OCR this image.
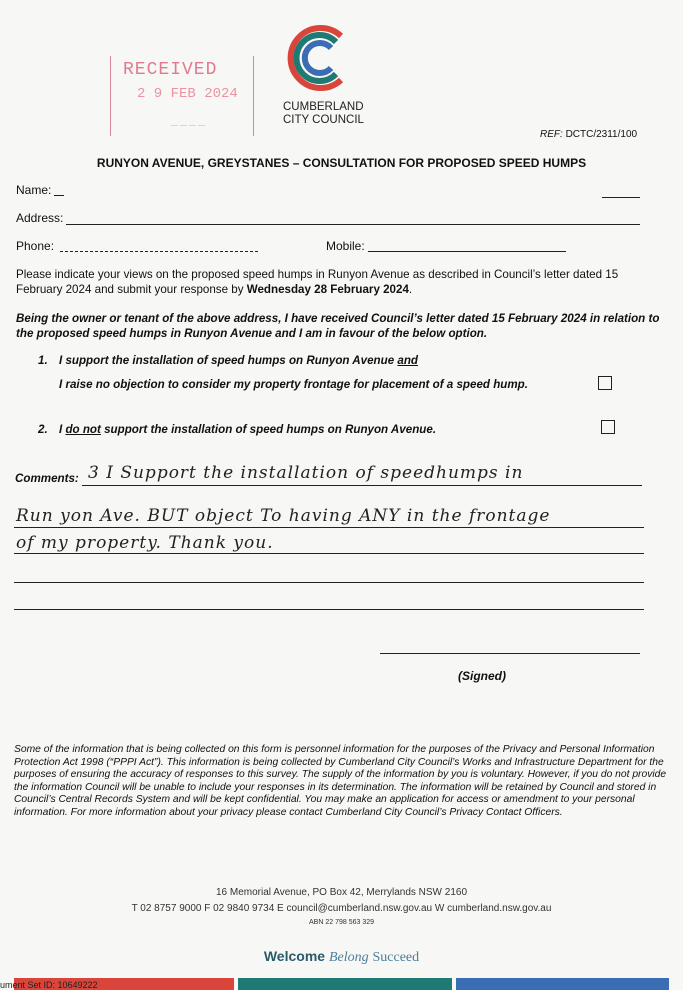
RECEIVED
2 9 FEB 2024
— — — —
CUMBERLAND
CITY COUNCIL
REF: DCTC/2311/100
RUNYON AVENUE, GREYSTANES – CONSULTATION FOR PROPOSED SPEED HUMPS
Name:
Address:
Phone:	Mobile:
Please indicate your views on the proposed speed humps in Runyon Avenue as described in Council’s letter dated 15 February 2024 and submit your response by Wednesday 28 February 2024.
Being the owner or tenant of the above address, I have received Council’s letter dated 15 February 2024 in relation to the proposed speed humps in Runyon Avenue and I am in favour of the below option.
1. I support the installation of speed humps on Runyon Avenue and
I raise no objection to consider my property frontage for placement of a speed hump.
2. I do not support the installation of speed humps on Runyon Avenue.
Comments: 3 I Support the installation of speedhumps in
Run yon Ave. BUT object To having ANY in the frontage
of my property. Thank you.
(Signed)
Some of the information that is being collected on this form is personnel information for the purposes of the Privacy and Personal Information Protection Act 1998 (“PPPI Act”). This information is being collected by Cumberland City Council’s Works and Infrastructure Department for the purposes of ensuring the accuracy of responses to this survey. The supply of the information by you is voluntary. However, if you do not provide the information Council will be unable to include your responses in its determination. The information will be retained by Council and stored in Council’s Central Records System and will be kept confidential. You may make an application for access or amendment to your personal information. For more information about your privacy please contact Cumberland City Council’s Privacy Contact Officers.
16 Memorial Avenue, PO Box 42, Merrylands NSW 2160
T 02 8757 9000 F 02 9840 9734 E council@cumberland.nsw.gov.au W cumberland.nsw.gov.au
ABN 22 798 563 329
Welcome Belong Succeed
ument Set ID: 10649222
